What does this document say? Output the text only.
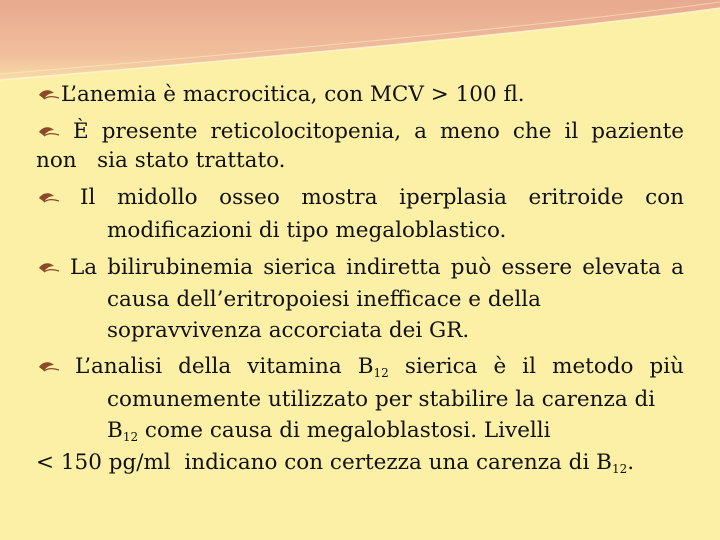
L’anemia è macrocitica, con MCV > 100 fl.
È presente reticolocitopenia, a meno che il paziente
non   sia stato trattato.
Il midollo osseo mostra iperplasia eritroide con
modificazioni di tipo megaloblastico.
La bilirubinemia sierica indiretta può essere elevata a
causa dell’eritropoiesi inefficace e della
sopravvivenza accorciata dei GR.
L’analisi della vitamina $B_{12}$ sierica è il metodo più
comunemente utilizzato per stabilire la carenza di
$B_{12}$ come causa di megaloblastosi. Livelli
< 150 pg/ml  indicano con certezza una carenza di $B_{12}$.
